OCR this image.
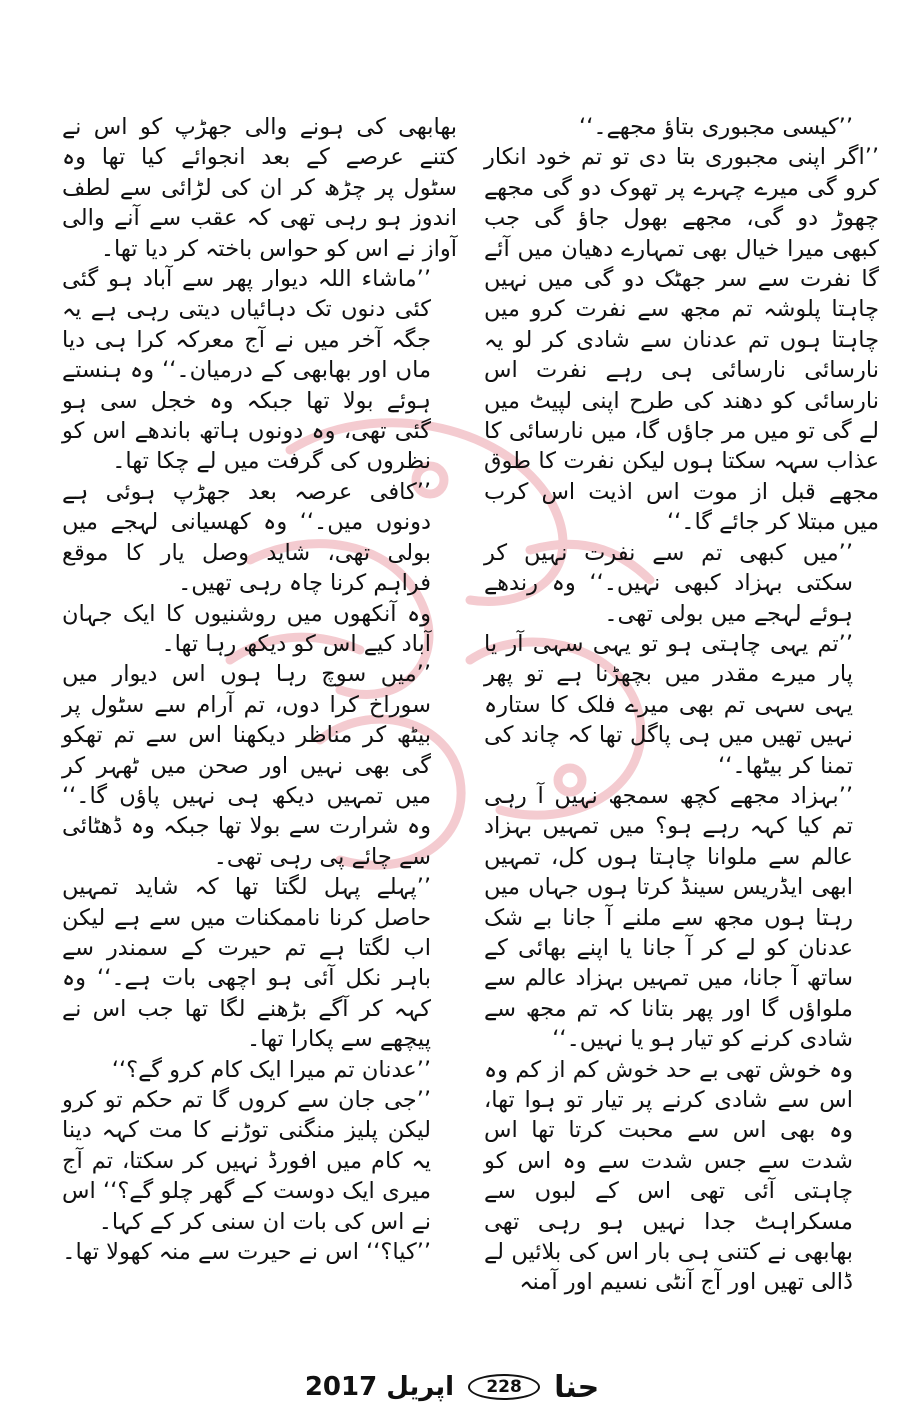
’’کیسی مجبوری بتاؤ مجھے۔‘‘

’’اگر اپنی مجبوری بتا دی تو تم خود انکار کرو گی میرے چہرے پر تھوک دو گی مجھے چھوڑ دو گی، مجھے بھول جاؤ گی جب کبھی میرا خیال بھی تمہارے دھیان میں آئے گا نفرت سے سر جھٹک دو گی میں نہیں چاہتا پلوشہ تم مجھ سے نفرت کرو میں چاہتا ہوں تم عدنان سے شادی کر لو یہ نارسائی نارسائی ہی رہے نفرت اس نارسائی کو دھند کی طرح اپنی لپیٹ میں لے گی تو میں مر جاؤں گا، میں نارسائی کا عذاب سہہ سکتا ہوں لیکن نفرت کا طوق مجھے قبل از موت اس اذیت اس کرب میں مبتلا کر جائے گا۔‘‘

’’میں کبھی تم سے نفرت نہیں کر سکتی بہزاد کبھی نہیں۔‘‘ وہ رندھے ہوئے لہجے میں بولی تھی۔

’’تم یہی چاہتی ہو تو یہی سہی آر یا پار میرے مقدر میں بچھڑنا ہے تو پھر یہی سہی تم بھی میرے فلک کا ستارہ نہیں تھیں میں ہی پاگل تھا کہ چاند کی تمنا کر بیٹھا۔‘‘

’’بہزاد مجھے کچھ سمجھ نہیں آ رہی تم کیا کہہ رہے ہو؟ میں تمہیں بہزاد عالم سے ملوانا چاہتا ہوں کل، تمہیں ابھی ایڈریس سینڈ کرتا ہوں جہاں میں رہتا ہوں مجھ سے ملنے آ جانا بے شک عدنان کو لے کر آ جانا یا اپنے بھائی کے ساتھ آ جانا، میں تمہیں بہزاد عالم سے ملواؤں گا اور پھر بتانا کہ تم مجھ سے شادی کرنے کو تیار ہو یا نہیں۔‘‘

وہ خوش تھی بے حد خوش کم از کم وہ اس سے شادی کرنے پر تیار تو ہوا تھا، وہ بھی اس سے محبت کرتا تھا اس شدت سے جس شدت سے وہ اس کو چاہتی آئی تھی اس کے لبوں سے مسکراہٹ جدا نہیں ہو رہی تھی بھابھی نے کتنی ہی بار اس کی بلائیں لے ڈالی تھیں اور آج آنٹی نسیم اور آمنہ

بھابھی کی ہونے والی جھڑپ کو اس نے کتنے عرصے کے بعد انجوائے کیا تھا وہ سٹول پر چڑھ کر ان کی لڑائی سے لطف اندوز ہو رہی تھی کہ عقب سے آنے والی آواز نے اس کو حواس باختہ کر دیا تھا۔

’’ماشاء اللہ دیوار پھر سے آباد ہو گئی کئی دنوں تک دہائیاں دیتی رہی ہے یہ جگہ آخر میں نے آج معرکہ کرا ہی دیا ماں اور بھابھی کے درمیان۔‘‘ وہ ہنستے ہوئے بولا تھا جبکہ وہ خجل سی ہو گئی تھی، وہ دونوں ہاتھ باندھے اس کو نظروں کی گرفت میں لے چکا تھا۔

’’کافی عرصہ بعد جھڑپ ہوئی ہے دونوں میں۔‘‘ وہ کھسیانی لہجے میں بولی تھی، شاید وصل یار کا موقع فراہم کرنا چاہ رہی تھیں۔

وہ آنکھوں میں روشنیوں کا ایک جہان آباد کیے اس کو دیکھ رہا تھا۔

’’میں سوچ رہا ہوں اس دیوار میں سوراخ کرا دوں، تم آرام سے سٹول پر بیٹھ کر مناظر دیکھنا اس سے تم تھکو گی بھی نہیں اور صحن میں ٹھہر کر میں تمہیں دیکھ ہی نہیں پاؤں گا۔‘‘ وہ شرارت سے بولا تھا جبکہ وہ ڈھٹائی سے چائے پی رہی تھی۔

’’پہلے پہل لگتا تھا کہ شاید تمہیں حاصل کرنا ناممکنات میں سے ہے لیکن اب لگتا ہے تم حیرت کے سمندر سے باہر نکل آئی ہو اچھی بات ہے۔‘‘ وہ کہہ کر آگے بڑھنے لگا تھا جب اس نے پیچھے سے پکارا تھا۔

’’عدنان تم میرا ایک کام کرو گے؟‘‘

’’جی جان سے کروں گا تم حکم تو کرو لیکن پلیز منگنی توڑنے کا مت کہہ دینا یہ کام میں افورڈ نہیں کر سکتا، تم آج میری ایک دوست کے گھر چلو گے؟‘‘ اس نے اس کی بات ان سنی کر کے کہا۔

’’کیا؟‘‘ اس نے حیرت سے منہ کھولا تھا۔

حنا
228
اپریل 2017
